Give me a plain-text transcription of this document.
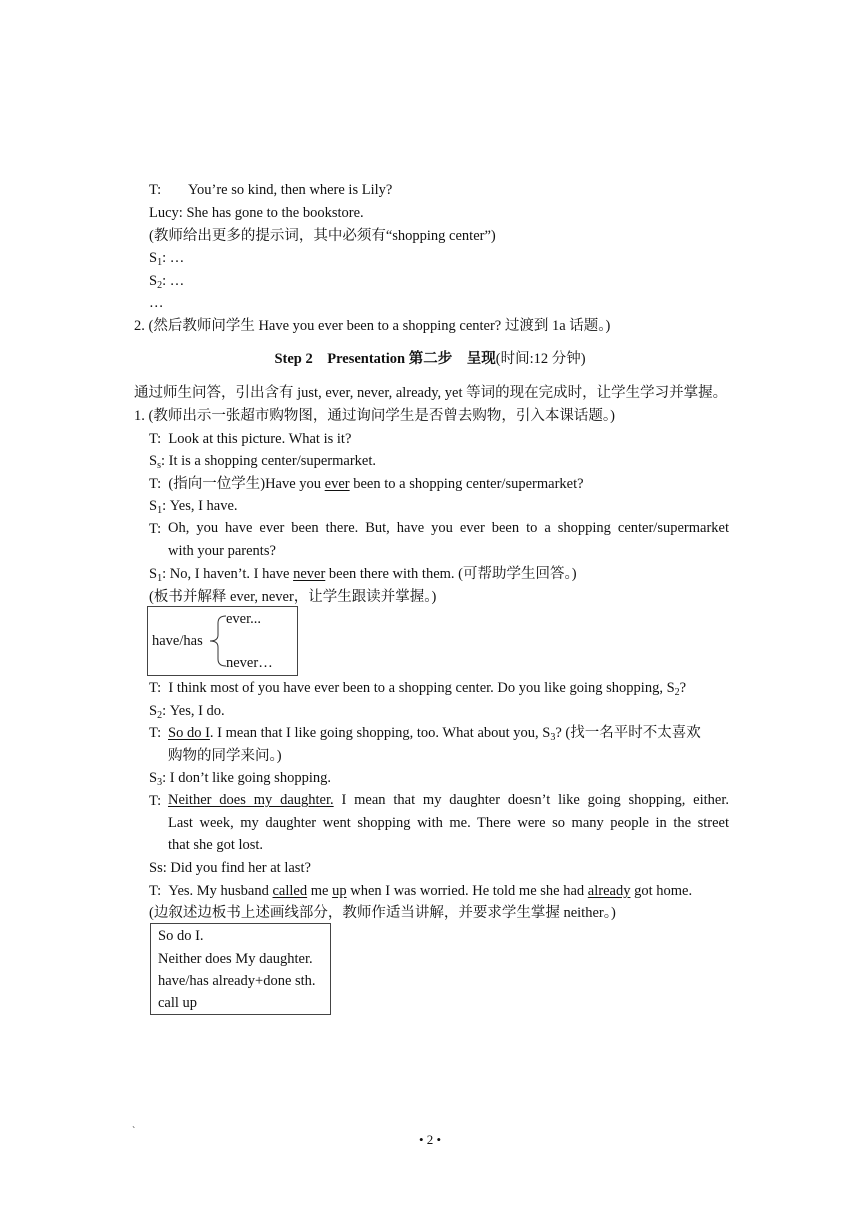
T: You’re so kind, then where is Lily?
Lucy: She has gone to the bookstore.
(教师给出更多的提示词，其中必须有“shopping center”)
$S_1$: …
$S_2$: …
…
2. (然后教师问学生 Have you ever been to a shopping center? 过渡到 1a 话题。)
Step 2  Presentation 第二步　呈现(时间:12 分钟)
通过师生问答，引出含有 just, ever, never, already, yet 等词的现在完成时，让学生学习并掌握。
1. (教师出示一张超市购物图，通过询问学生是否曾去购物，引入本课话题。)
T: Look at this picture. What is it?
$S_s$: It is a shopping center/supermarket.
T: (指向一位学生)Have you ever been to a shopping center/supermarket?
$S_1$: Yes, I have.
T: Oh, you have ever been there. But, have you ever been to a shopping center/supermarket
with your parents?
$S_1$: No, I haven’t. I have never been there with them. (可帮助学生回答。)
(板书并解释 ever, never，让学生跟读并掌握。)
have/has
ever...
never…
T: I think most of you have ever been to a shopping center. Do you like going shopping, $S_2$?
$S_2$: Yes, I do.
T: So do I. I mean that I like going shopping, too. What about you, $S_3$? (找一名平时不太喜欢
购物的同学来问。)
$S_3$: I don’t like going shopping.
T: Neither does my daughter. I mean that my daughter doesn’t like going shopping, either.
Last week, my daughter went shopping with me. There were so many people in the street
that she got lost.
Ss: Did you find her at last?
T: Yes. My husband called me up when I was worried. He told me she had already got home.
(边叙述边板书上述画线部分，教师作适当讲解，并要求学生掌握 neither。)
So do I.
Neither does My daughter.
have/has already+done sth.
call up
`
• 2 •
